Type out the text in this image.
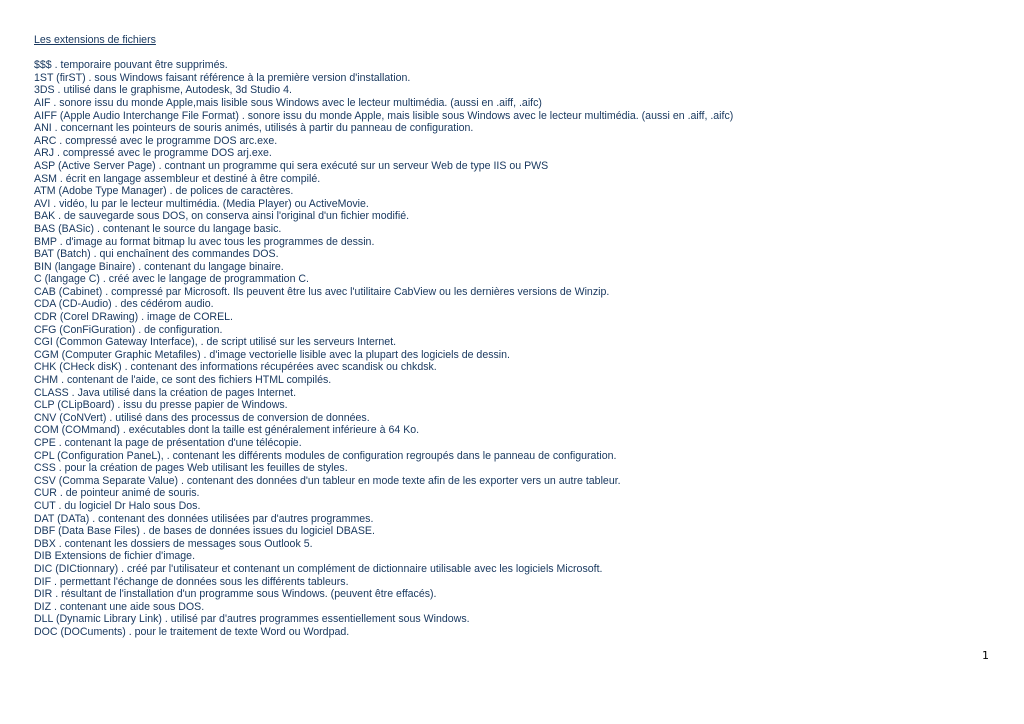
Les extensions de fichiers
$$$ . temporaire pouvant être supprimés.
1ST (firST) . sous Windows faisant référence à la première version d'installation.
3DS . utilisé dans le graphisme, Autodesk, 3d Studio 4.
AIF . sonore issu du monde Apple,mais lisible sous Windows avec le lecteur multimédia. (aussi en .aiff, .aifc)
AIFF (Apple Audio Interchange File Format) . sonore issu du monde Apple, mais lisible sous Windows avec le lecteur multimédia. (aussi en .aiff, .aifc)
ANI . concernant les pointeurs de souris animés, utilisés à partir du panneau de configuration.
ARC . compressé avec le programme DOS arc.exe.
ARJ . compressé avec le programme DOS arj.exe.
ASP (Active Server Page) . contnant un programme qui sera exécuté sur un serveur Web de type IIS ou PWS
ASM . écrit en langage assembleur et destiné à être compilé.
ATM (Adobe Type Manager) . de polices de caractères.
AVI . vidéo, lu par le lecteur multimédia. (Media Player) ou ActiveMovie.
BAK . de sauvegarde sous DOS, on conserva ainsi l'original d'un fichier modifié.
BAS (BASic) . contenant le source du langage basic.
BMP . d'image au format bitmap lu avec tous les programmes de dessin.
BAT (Batch) . qui enchaînent des commandes DOS.
BIN (langage Binaire) . contenant du langage binaire.
C (langage C) . créé avec le langage de programmation C.
CAB (Cabinet) . compressé par Microsoft. Ils peuvent être lus avec l'utilitaire CabView ou les dernières versions de Winzip.
CDA (CD-Audio) . des cédérom audio.
CDR (Corel DRawing) . image de COREL.
CFG (ConFiGuration) . de configuration.
CGI (Common Gateway Interface), . de script utilisé sur les serveurs Internet.
CGM (Computer Graphic Metafiles) . d'image vectorielle lisible avec la plupart des logiciels de dessin.
CHK (CHeck disK) . contenant des informations récupérées avec scandisk ou chkdsk.
CHM . contenant de l'aide, ce sont des fichiers HTML compilés.
CLASS . Java utilisé dans la création de pages Internet.
CLP (CLipBoard) . issu du presse papier de Windows.
CNV (CoNVert) . utilisé dans des processus de conversion de données.
COM (COMmand) . exécutables dont la taille est généralement inférieure à 64 Ko.
CPE . contenant la page de présentation d'une télécopie.
CPL (Configuration PaneL), . contenant les différents modules de configuration regroupés dans le panneau de configuration.
CSS . pour la création de pages Web utilisant les feuilles de styles.
CSV (Comma Separate Value) . contenant des données d'un tableur en mode texte afin de les exporter vers un autre tableur.
CUR . de pointeur animé de souris.
CUT . du logiciel Dr Halo sous Dos.
DAT (DATa) . contenant des données utilisées par d'autres programmes.
DBF (Data Base Files) . de bases de données issues du logiciel DBASE.
DBX . contenant les dossiers de messages sous Outlook 5.
DIB Extensions de fichier d'image.
DIC (DICtionnary) . créé par l'utilisateur et contenant un complément de dictionnaire utilisable avec les logiciels Microsoft.
DIF . permettant l'échange de données sous les différents tableurs.
DIR . résultant de l'installation d'un programme sous Windows. (peuvent être effacés).
DIZ . contenant une aide sous DOS.
DLL (Dynamic Library Link) . utilisé par d'autres programmes essentiellement sous Windows.
DOC (DOCuments) . pour le traitement de texte Word ou Wordpad.
1
